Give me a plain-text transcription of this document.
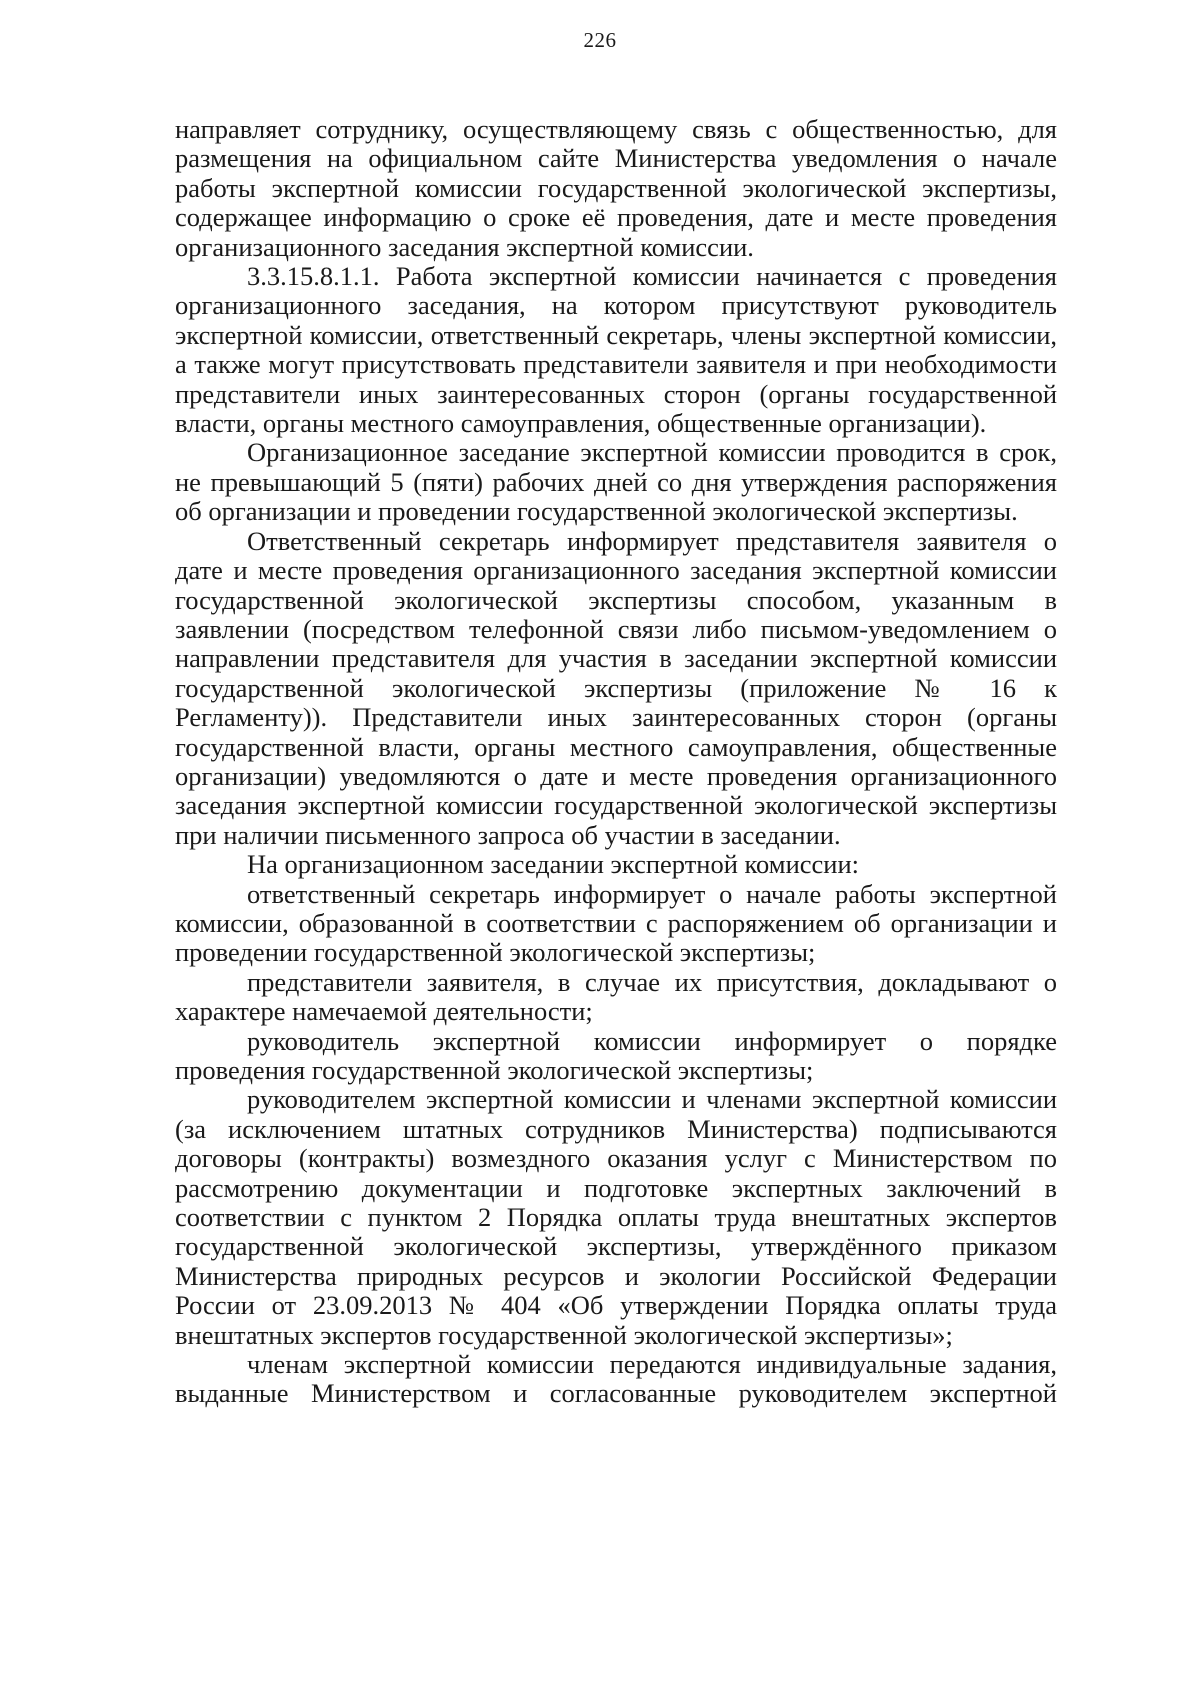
226

направляет сотруднику, осуществляющему связь с общественностью, для размещения на официальном сайте Министерства уведомления о начале работы экспертной комиссии государственной экологической экспертизы, содержащее информацию о сроке её проведения, дате и месте проведения организационного заседания экспертной комиссии.

3.3.15.8.1.1. Работа экспертной комиссии начинается с проведения организационного заседания, на котором присутствуют руководитель экспертной комиссии, ответственный секретарь, члены экспертной комиссии, а также могут присутствовать представители заявителя и при необходимости представители иных заинтересованных сторон (органы государственной власти, органы местного самоуправления, общественные организации).

Организационное заседание экспертной комиссии проводится в срок, не превышающий 5 (пяти) рабочих дней со дня утверждения распоряжения об организации и проведении государственной экологической экспертизы.

Ответственный секретарь информирует представителя заявителя о дате и месте проведения организационного заседания экспертной комиссии государственной экологической экспертизы способом, указанным в заявлении (посредством телефонной связи либо письмом-уведомлением о направлении представителя для участия в заседании экспертной комиссии государственной экологической экспертизы (приложение № 16 к Регламенту)). Представители иных заинтересованных сторон (органы государственной власти, органы местного самоуправления, общественные организации) уведомляются о дате и месте проведения организационного заседания экспертной комиссии государственной экологической экспертизы при наличии письменного запроса об участии в заседании.

На организационном заседании экспертной комиссии:

ответственный секретарь информирует о начале работы экспертной комиссии, образованной в соответствии с распоряжением об организации и проведении государственной экологической экспертизы;

представители заявителя, в случае их присутствия, докладывают о характере намечаемой деятельности;

руководитель экспертной комиссии информирует о порядке проведения государственной экологической экспертизы;

руководителем экспертной комиссии и членами экспертной комиссии (за исключением штатных сотрудников Министерства) подписываются договоры (контракты) возмездного оказания услуг с Министерством по рассмотрению документации и подготовке экспертных заключений в соответствии с пунктом 2 Порядка оплаты труда внештатных экспертов государственной экологической экспертизы, утверждённого приказом Министерства природных ресурсов и экологии Российской Федерации России от 23.09.2013 № 404 «Об утверждении Порядка оплаты труда внештатных экспертов государственной экологической экспертизы»;

членам экспертной комиссии передаются индивидуальные задания, выданные Министерством и согласованные руководителем экспертной
